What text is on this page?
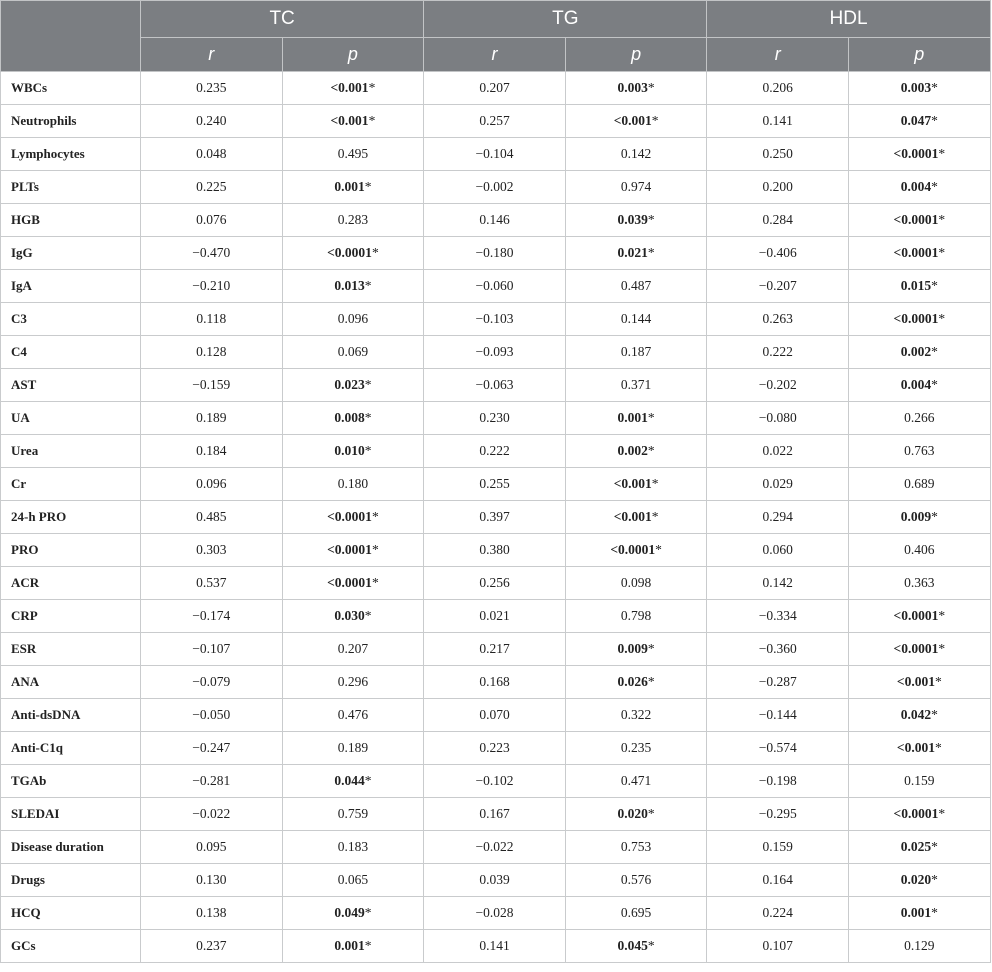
	TC		TG		HDL	
	r	p	r	p	r	p
WBCs	0.235	<0.001*	0.207	0.003*	0.206	0.003*
Neutrophils	0.240	<0.001*	0.257	<0.001*	0.141	0.047*
Lymphocytes	0.048	0.495	−0.104	0.142	0.250	<0.0001*
PLTs	0.225	0.001*	−0.002	0.974	0.200	0.004*
HGB	0.076	0.283	0.146	0.039*	0.284	<0.0001*
IgG	−0.470	<0.0001*	−0.180	0.021*	−0.406	<0.0001*
IgA	−0.210	0.013*	−0.060	0.487	−0.207	0.015*
C3	0.118	0.096	−0.103	0.144	0.263	<0.0001*
C4	0.128	0.069	−0.093	0.187	0.222	0.002*
AST	−0.159	0.023*	−0.063	0.371	−0.202	0.004*
UA	0.189	0.008*	0.230	0.001*	−0.080	0.266
Urea	0.184	0.010*	0.222	0.002*	0.022	0.763
Cr	0.096	0.180	0.255	<0.001*	0.029	0.689
24-h PRO	0.485	<0.0001*	0.397	<0.001*	0.294	0.009*
PRO	0.303	<0.0001*	0.380	<0.0001*	0.060	0.406
ACR	0.537	<0.0001*	0.256	0.098	0.142	0.363
CRP	−0.174	0.030*	0.021	0.798	−0.334	<0.0001*
ESR	−0.107	0.207	0.217	0.009*	−0.360	<0.0001*
ANA	−0.079	0.296	0.168	0.026*	−0.287	<0.001*
Anti-dsDNA	−0.050	0.476	0.070	0.322	−0.144	0.042*
Anti-C1q	−0.247	0.189	0.223	0.235	−0.574	<0.001*
TGAb	−0.281	0.044*	−0.102	0.471	−0.198	0.159
SLEDAI	−0.022	0.759	0.167	0.020*	−0.295	<0.0001*
Disease duration	0.095	0.183	−0.022	0.753	0.159	0.025*
Drugs	0.130	0.065	0.039	0.576	0.164	0.020*
HCQ	0.138	0.049*	−0.028	0.695	0.224	0.001*
GCs	0.237	0.001*	0.141	0.045*	0.107	0.129
